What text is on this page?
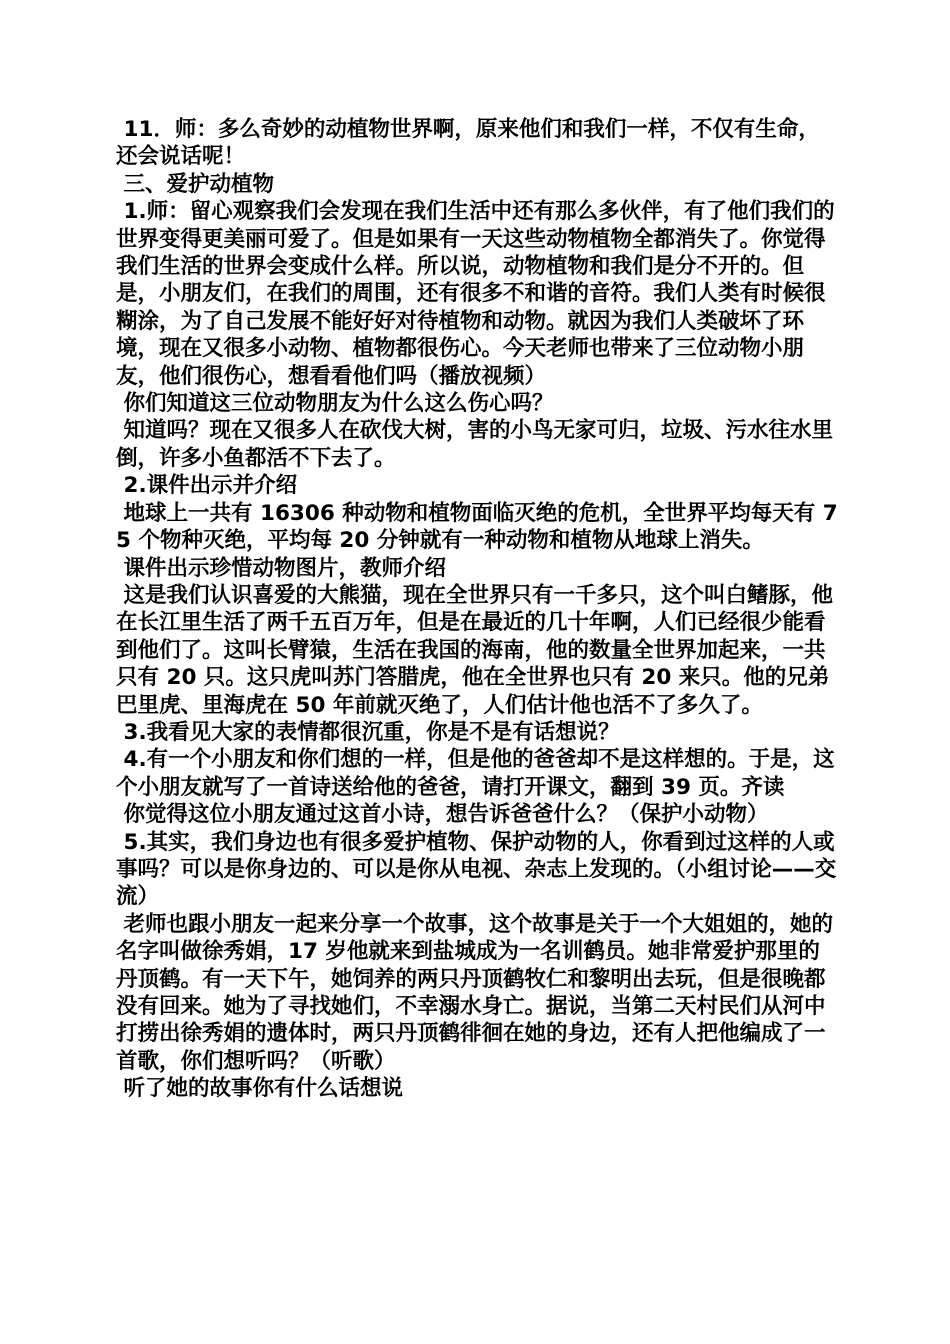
11．师：多么奇妙的动植物世界啊，原来他们和我们一样，不仅有生命，还会说话呢！

三、爱护动植物

1.师：留心观察我们会发现在我们生活中还有那么多伙伴，有了他们我们的世界变得更美丽可爱了。但是如果有一天这些动物植物全都消失了。你觉得我们生活的世界会变成什么样。所以说，动物植物和我们是分不开的。但是，小朋友们，在我们的周围，还有很多不和谐的音符。我们人类有时候很糊涂，为了自己发展不能好好对待植物和动物。就因为我们人类破坏了环境，现在又很多小动物、植物都很伤心。今天老师也带来了三位动物小朋友，他们很伤心，想看看他们吗（播放视频）

你们知道这三位动物朋友为什么这么伤心吗？

知道吗？现在又很多人在砍伐大树，害的小鸟无家可归，垃圾、污水往水里倒，许多小鱼都活不下去了。

2.课件出示并介绍

地球上一共有 16306 种动物和植物面临灭绝的危机，全世界平均每天有 75 个物种灭绝，平均每 20 分钟就有一种动物和植物从地球上消失。

课件出示珍惜动物图片，教师介绍

这是我们认识喜爱的大熊猫，现在全世界只有一千多只，这个叫白鳍豚，他在长江里生活了两千五百万年，但是在最近的几十年啊，人们已经很少能看到他们了。这叫长臂猿，生活在我国的海南，他的数量全世界加起来，一共只有 20 只。这只虎叫苏门答腊虎，他在全世界也只有 20 来只。他的兄弟巴里虎、里海虎在 50 年前就灭绝了，人们估计他也活不了多久了。

3.我看见大家的表情都很沉重，你是不是有话想说？

4.有一个小朋友和你们想的一样，但是他的爸爸却不是这样想的。于是，这个小朋友就写了一首诗送给他的爸爸，请打开课文，翻到 39 页。齐读

你觉得这位小朋友通过这首小诗，想告诉爸爸什么？（保护小动物）

5.其实，我们身边也有很多爱护植物、保护动物的人，你看到过这样的人或事吗？可以是你身边的、可以是你从电视、杂志上发现的。（小组讨论——交流）

老师也跟小朋友一起来分享一个故事，这个故事是关于一个大姐姐的，她的名字叫做徐秀娟，17 岁他就来到盐城成为一名训鹤员。她非常爱护那里的丹顶鹤。有一天下午，她饲养的两只丹顶鹤牧仁和黎明出去玩，但是很晚都没有回来。她为了寻找她们，不幸溺水身亡。据说，当第二天村民们从河中打捞出徐秀娟的遗体时，两只丹顶鹤徘徊在她的身边，还有人把他编成了一首歌，你们想听吗？（听歌）

听了她的故事你有什么话想说
